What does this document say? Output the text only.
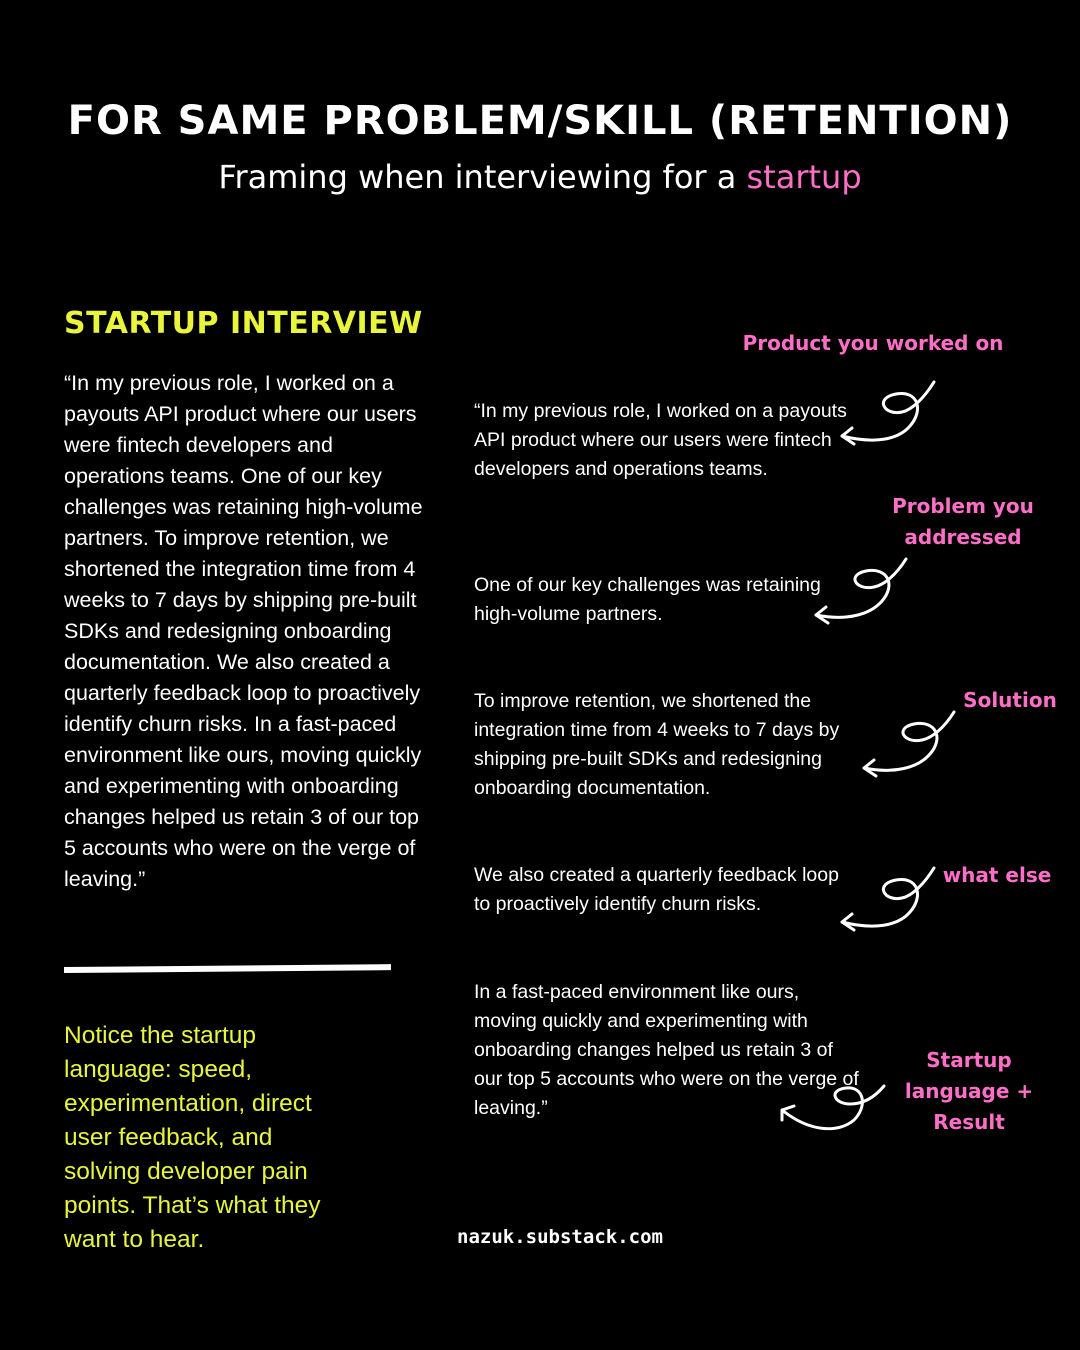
FOR SAME PROBLEM/SKILL (RETENTION)
Framing when interviewing for a startup
STARTUP INTERVIEW
“In my previous role, I worked on a payouts API product where our users were fintech developers and operations teams. One of our key challenges was retaining high-volume partners. To improve retention, we shortened the integration time from 4 weeks to 7 days by shipping pre-built SDKs and redesigning onboarding documentation. We also created a quarterly feedback loop to proactively identify churn risks. In a fast-paced environment like ours, moving quickly and experimenting with onboarding changes helped us retain 3 of our top 5 accounts who were on the verge of leaving.”
Notice the startup language: speed, experimentation, direct user feedback, and solving developer pain points. That’s what they want to hear.
“In my previous role, I worked on a payouts API product where our users were fintech developers and operations teams.
Product you worked on
One of our key challenges was retaining high-volume partners.
Problem you addressed
To improve retention, we shortened the integration time from 4 weeks to 7 days by shipping pre-built SDKs and redesigning onboarding documentation.
Solution
We also created a quarterly feedback loop to proactively identify churn risks.
what else
In a fast-paced environment like ours, moving quickly and experimenting with onboarding changes helped us retain 3 of our top 5 accounts who were on the verge of leaving.”
Startup language + Result
nazuk.substack.com
